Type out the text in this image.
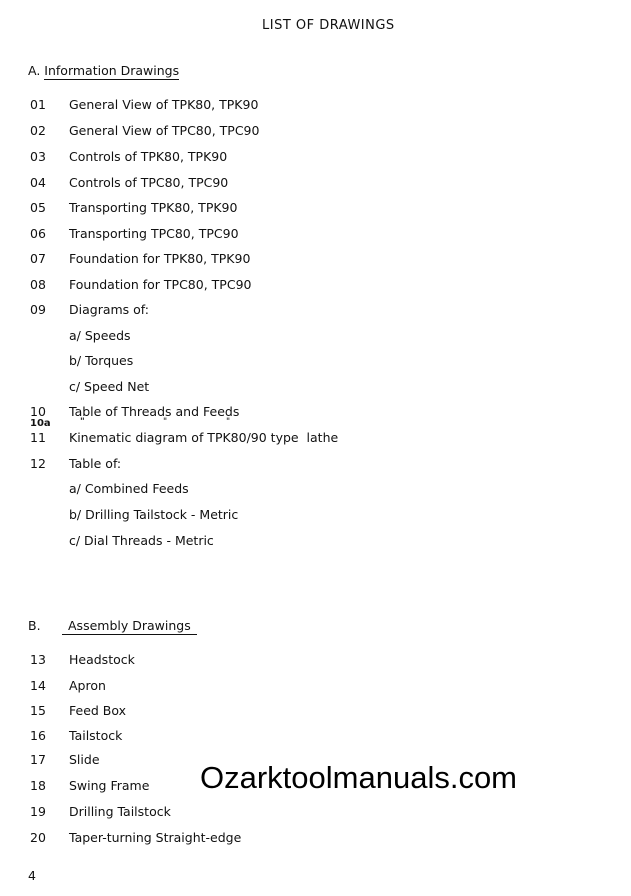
LIST OF DRAWINGS
A. Information Drawings
01 General View of TPK80, TPK90
02 General View of TPC80, TPC90
03 Controls of TPK80, TPK90
04 Controls of TPC80, TPC90
05 Transporting TPK80, TPK90
06 Transporting TPC80, TPC90
07 Foundation for TPK80, TPK90
08 Foundation for TPC80, TPC90
09 Diagrams of:
a/ Speeds
b/ Torques
c/ Speed Net
10 Table of Threads and Feeds
10a	"	"	"
11 Kinematic diagram of TPK80/90 type  lathe
12 Table of:
a/ Combined Feeds
b/ Drilling Tailstock - Metric
c/ Dial Threads - Metric
B.	Assembly Drawings
13 Headstock
14 Apron
15 Feed Box
16 Tailstock
17 Slide
18 Swing Frame
19 Drilling Tailstock
20 Taper-turning Straight-edge
Ozarktoolmanuals.com
4
